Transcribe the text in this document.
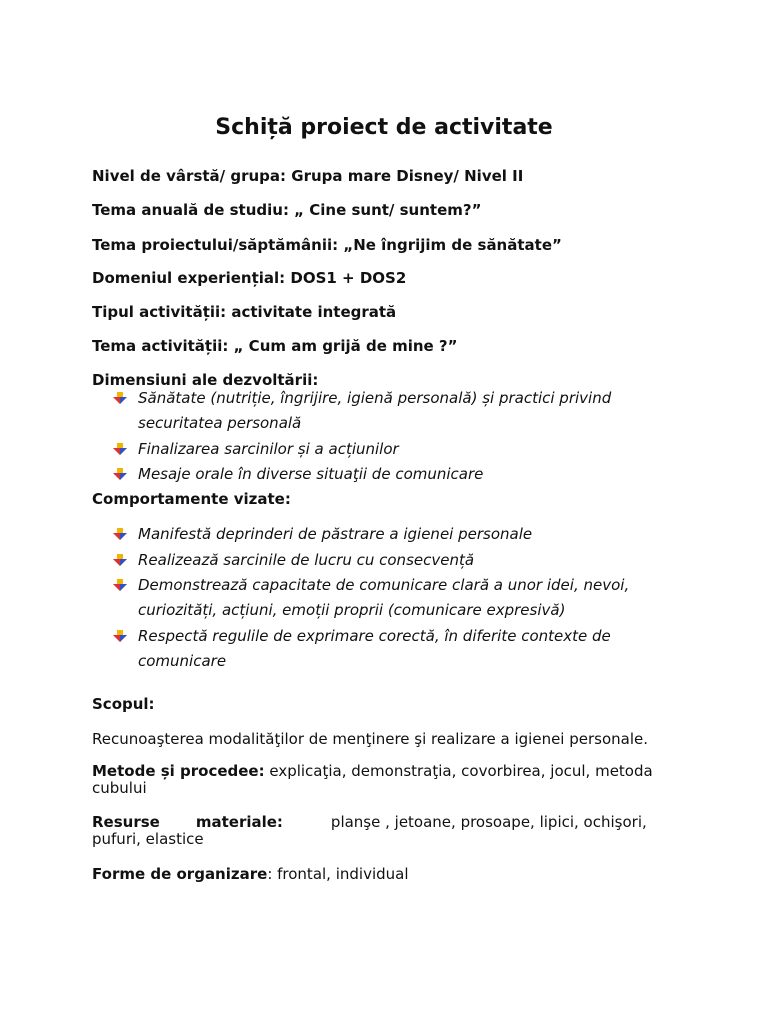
Schiță proiect de activitate
Nivel de vârstă/ grupa: Grupa mare Disney/ Nivel II
Tema anuală de studiu: „ Cine sunt/ suntem?”
Tema proiectului/săptămânii: „Ne îngrijim de sănătate”
Domeniul experiențial: DOS1 + DOS2
Tipul activității: activitate integrată
Tema activității: „ Cum am grijă de mine ?”
Dimensiuni ale dezvoltării:
Sănătate (nutriție, îngrijire, igienă personală) și practici privind
securitatea personală
Finalizarea sarcinilor și a acțiunilor
Mesaje orale în diverse situaţii de comunicare
Comportamente vizate:
Manifestă deprinderi de păstrare a igienei personale
Realizează sarcinile de lucru cu consecvență
Demonstrează capacitate de comunicare clară a unor idei, nevoi,
curiozități, acțiuni, emoții proprii (comunicare expresivă)
Respectă regulile de exprimare corectă, în diferite contexte de
comunicare
Scopul:
Recunoaşterea modalităţilor de menţinere şi realizare a igienei personale.
Metode și procedee: explicaţia, demonstraţia, covorbirea, jocul, metoda cubului
Resurse materiale:	planşe , jetoane, prosoape, lipici, ochişori, pufuri, elastice
Forme de organizare: frontal, individual
